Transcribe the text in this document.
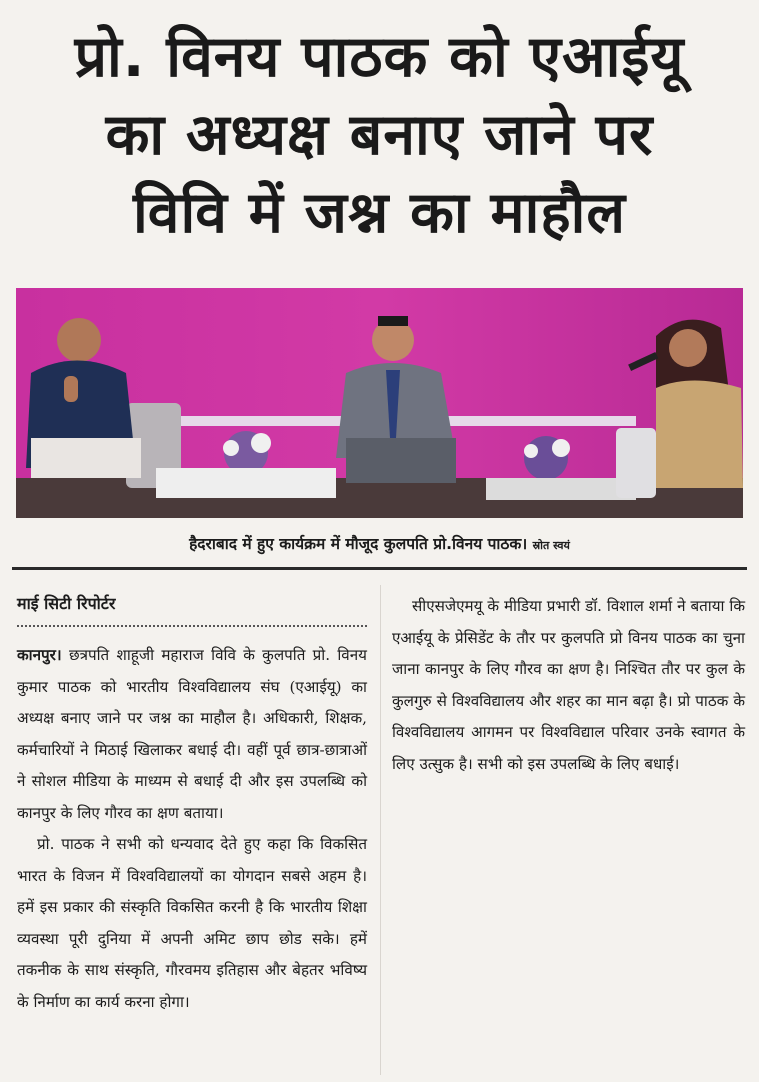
प्रो. विनय पाठक को एआईयू
का अध्यक्ष बनाए जाने पर
विवि में जश्न का माहौल
हैदराबाद में हुए कार्यक्रम में मौजूद कुलपति प्रो.विनय पाठक। स्रोत स्वयं
माई सिटी रिपोर्टर

कानपुर। छत्रपति शाहूजी महाराज विवि के कुलपति प्रो. विनय कुमार पाठक को भारतीय विश्वविद्यालय संघ (एआईयू) का अध्यक्ष बनाए जाने पर जश्न का माहौल है। अधिकारी, शिक्षक, कर्मचारियों ने मिठाई खिलाकर बधाई दी। वहीं पूर्व छात्र-छात्राओं ने सोशल मीडिया के माध्यम से बधाई दी और इस उपलब्धि को कानपुर के लिए गौरव का क्षण बताया।

प्रो. पाठक ने सभी को धन्यवाद देते हुए कहा कि विकसित भारत के विजन में विश्वविद्यालयों का योगदान सबसे अहम है। हमें इस प्रकार की संस्कृति विकसित करनी है कि भारतीय शिक्षा व्यवस्था पूरी दुनिया में अपनी अमिट छाप छोड सके। हमें तकनीक के साथ संस्कृति, गौरवमय इतिहास और बेहतर भविष्य के निर्माण का कार्य करना होगा।

सीएसजेएमयू के मीडिया प्रभारी डॉ. विशाल शर्मा ने बताया कि एआईयू के प्रेसिडेंट के तौर पर कुलपति प्रो विनय पाठक का चुना जाना कानपुर के लिए गौरव का क्षण है। निश्चित तौर पर कुल के कुलगुरु से विश्वविद्यालय और शहर का मान बढ़ा है। प्रो पाठक के विश्वविद्यालय आगमन पर विश्वविद्याल परिवार उनके स्वागत के लिए उत्सुक है। सभी को इस उपलब्धि के लिए बधाई।
